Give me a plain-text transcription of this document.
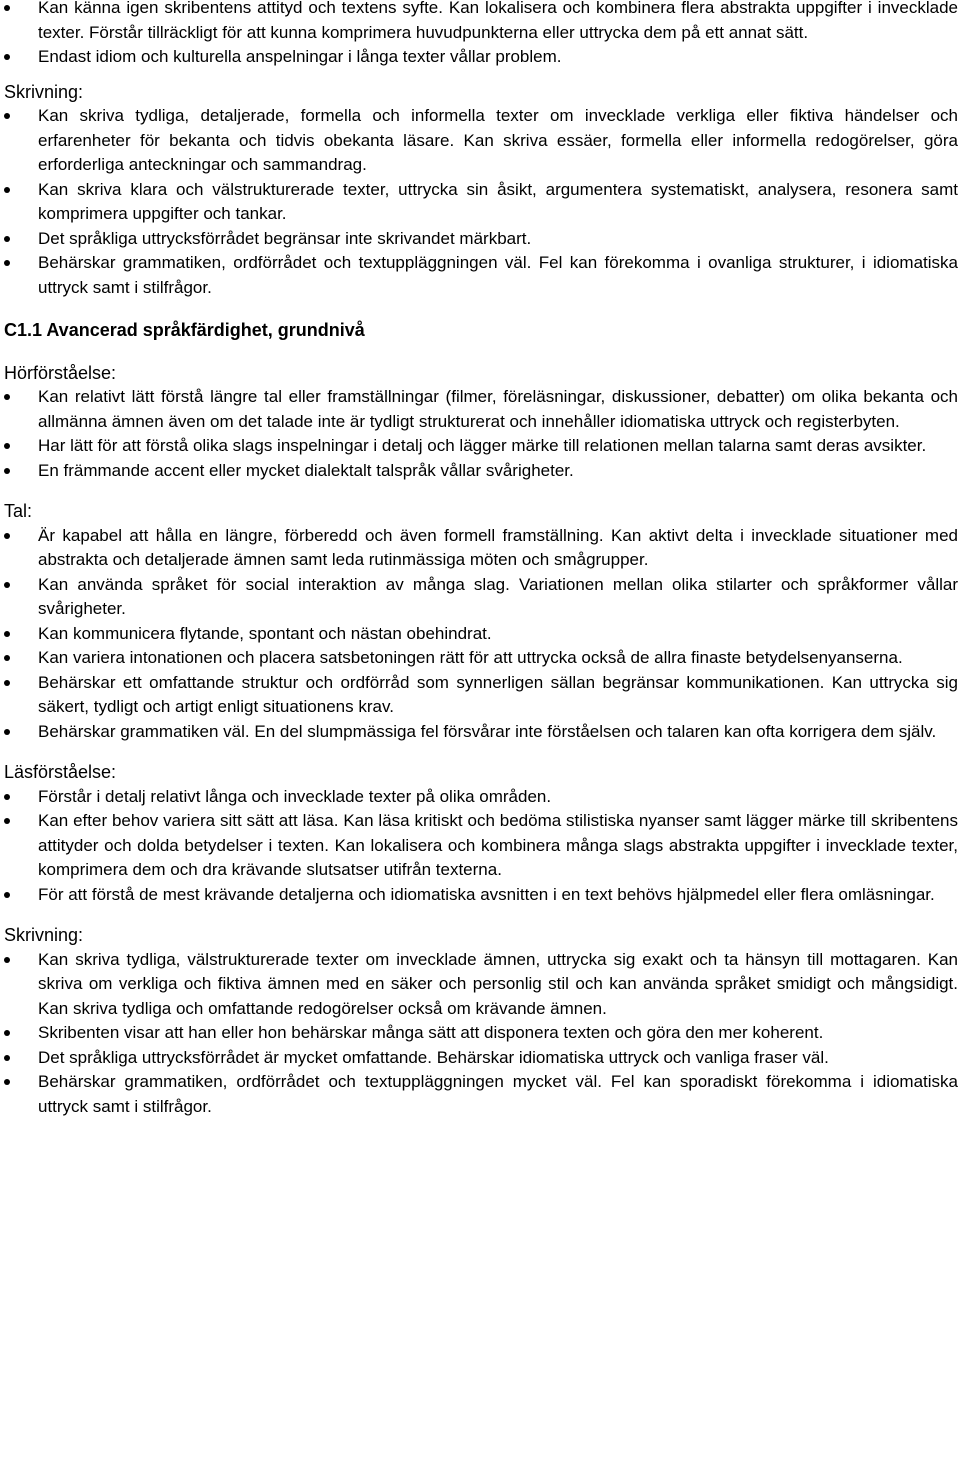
Kan känna igen skribentens attityd och textens syfte. Kan lokalisera och kombinera flera abstrakta uppgifter i invecklade texter. Förstår tillräckligt för att kunna komprimera huvudpunkterna eller uttrycka dem på ett annat sätt.
Endast idiom och kulturella anspelningar i långa texter vållar problem.
Skrivning:
Kan skriva tydliga, detaljerade, formella och informella texter om invecklade verkliga eller fiktiva händelser och erfarenheter för bekanta och tidvis obekanta läsare. Kan skriva essäer, formella eller informella redogörelser, göra erforderliga anteckningar och sammandrag.
Kan skriva klara och välstrukturerade texter, uttrycka sin åsikt, argumentera systematiskt, analysera, resonera samt komprimera uppgifter och tankar.
Det språkliga uttrycksförrådet begränsar inte skrivandet märkbart.
Behärskar grammatiken, ordförrådet och textuppläggningen väl. Fel kan förekomma i ovanliga strukturer, i idiomatiska uttryck samt i stilfrågor.
C1.1 Avancerad språkfärdighet, grundnivå
Hörförståelse:
Kan relativt lätt förstå längre tal eller framställningar (filmer, föreläsningar, diskussioner, debatter) om olika bekanta och allmänna ämnen även om det talade inte är tydligt strukturerat och innehåller idiomatiska uttryck och registerbyten.
Har lätt för att förstå olika slags inspelningar i detalj och lägger märke till relationen mellan talarna samt deras avsikter.
En främmande accent eller mycket dialektalt talspråk vållar svårigheter.
Tal:
Är kapabel att hålla en längre, förberedd och även formell framställning. Kan aktivt delta i invecklade situationer med abstrakta och detaljerade ämnen samt leda rutinmässiga möten och smågrupper.
Kan använda språket för social interaktion av många slag. Variationen mellan olika stilarter och språkformer vållar svårigheter.
Kan kommunicera flytande, spontant och nästan obehindrat.
Kan variera intonationen och placera satsbetoningen rätt för att uttrycka också de allra finaste betydelsenyanserna.
Behärskar ett omfattande struktur och ordförråd som synnerligen sällan begränsar kommunikationen. Kan uttrycka sig säkert, tydligt och artigt enligt situationens krav.
Behärskar grammatiken väl. En del slumpmässiga fel försvårar inte förståelsen och talaren kan ofta korrigera dem själv.
Läsförståelse:
Förstår i detalj relativt långa och invecklade texter på olika områden.
Kan efter behov variera sitt sätt att läsa. Kan läsa kritiskt och bedöma stilistiska nyanser samt lägger märke till skribentens attityder och dolda betydelser i texten. Kan lokalisera och kombinera många slags abstrakta uppgifter i invecklade texter, komprimera dem och dra krävande slutsatser utifrån texterna.
För att förstå de mest krävande detaljerna och idiomatiska avsnitten i en text behövs hjälpmedel eller flera omläsningar.
Skrivning:
Kan skriva tydliga, välstrukturerade texter om invecklade ämnen, uttrycka sig exakt och ta hänsyn till mottagaren. Kan skriva om verkliga och fiktiva ämnen med en säker och personlig stil och kan använda språket smidigt och mångsidigt. Kan skriva tydliga och omfattande redogörelser också om krävande ämnen.
Skribenten visar att han eller hon behärskar många sätt att disponera texten och göra den mer koherent.
Det språkliga uttrycksförrådet är mycket omfattande. Behärskar idiomatiska uttryck och vanliga fraser väl.
Behärskar grammatiken, ordförrådet och textuppläggningen mycket väl. Fel kan sporadiskt förekomma i idiomatiska uttryck samt i stilfrågor.
